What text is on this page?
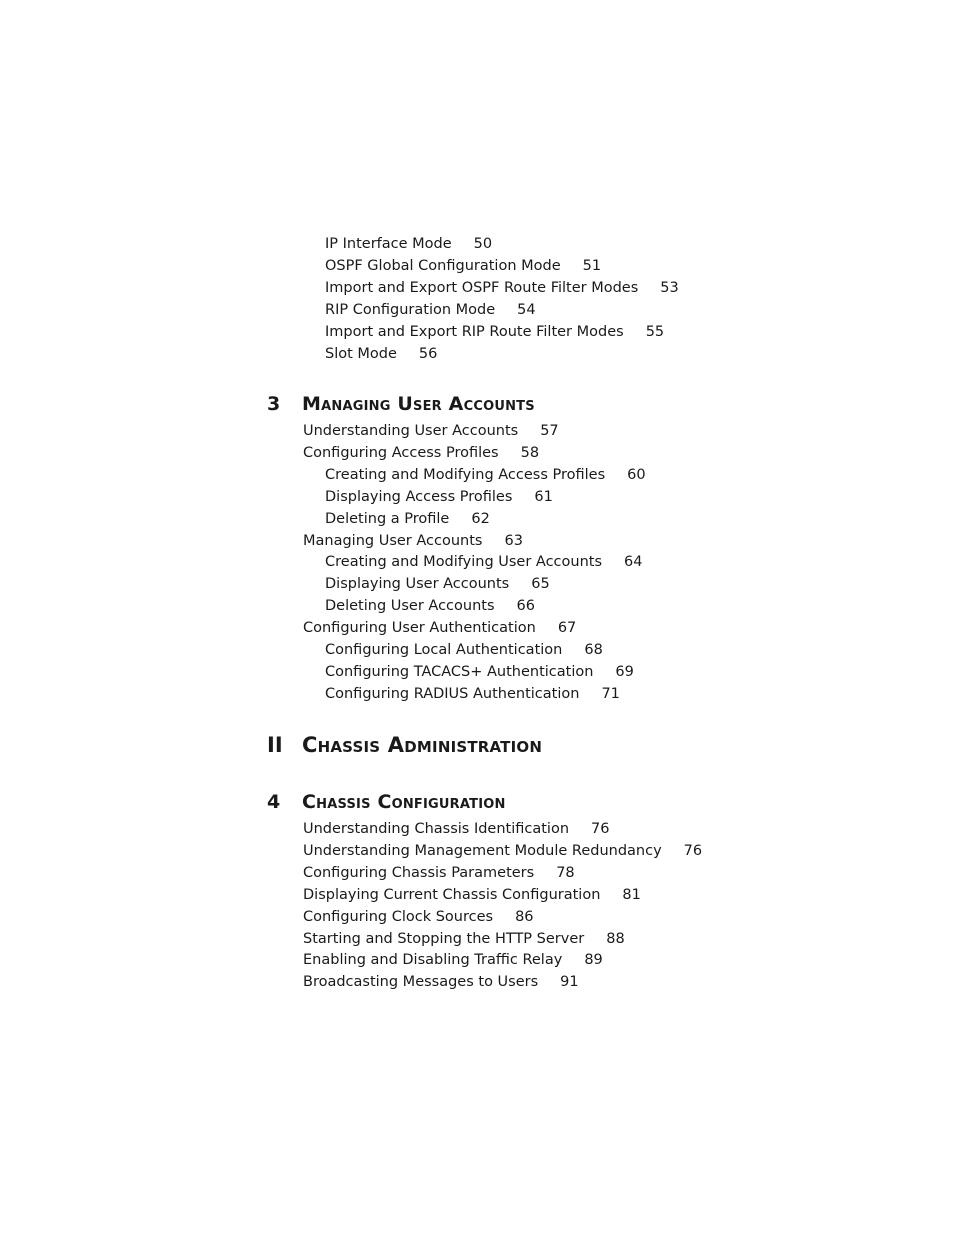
IP Interface Mode 50
OSPF Global Configuration Mode 51
Import and Export OSPF Route Filter Modes 53
RIP Configuration Mode 54
Import and Export RIP Route Filter Modes 55
Slot Mode 56
3 Managing User Accounts
Understanding User Accounts 57
Configuring Access Profiles 58
Creating and Modifying Access Profiles 60
Displaying Access Profiles 61
Deleting a Profile 62
Managing User Accounts 63
Creating and Modifying User Accounts 64
Displaying User Accounts 65
Deleting User Accounts 66
Configuring User Authentication 67
Configuring Local Authentication 68
Configuring TACACS+ Authentication 69
Configuring RADIUS Authentication 71
II Chassis Administration
4 Chassis Configuration
Understanding Chassis Identification 76
Understanding Management Module Redundancy 76
Configuring Chassis Parameters 78
Displaying Current Chassis Configuration 81
Configuring Clock Sources 86
Starting and Stopping the HTTP Server 88
Enabling and Disabling Traffic Relay 89
Broadcasting Messages to Users 91
